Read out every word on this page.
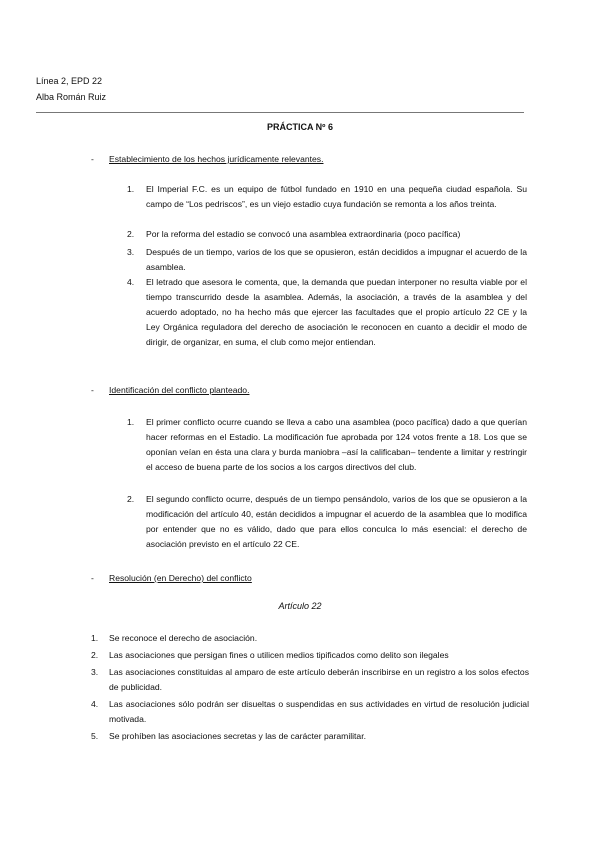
Línea 2, EPD 22
Alba Román Ruiz
PRÁCTICA Nº 6
- Establecimiento de los hechos jurídicamente relevantes.
1. El Imperial F.C. es un equipo de fútbol fundado en 1910 en una pequeña ciudad española. Su campo de “Los pedriscos”, es un viejo estadio cuya fundación se remonta a los años treinta.
2. Por la reforma del estadio se convocó una asamblea extraordinaria (poco pacífica)
3. Después de un tiempo, varios de los que se opusieron, están decididos a impugnar el acuerdo de la asamblea.
4. El letrado que asesora le comenta, que, la demanda que puedan interponer no resulta viable por el tiempo transcurrido desde la asamblea. Además, la asociación, a través de la asamblea y del acuerdo adoptado, no ha hecho más que ejercer las facultades que el propio artículo 22 CE y la Ley Orgánica reguladora del derecho de asociación le reconocen en cuanto a decidir el modo de dirigir, de organizar, en suma, el club como mejor entiendan.
- Identificación del conflicto planteado.
1. El primer conflicto ocurre cuando se lleva a cabo una asamblea (poco pacífica) dado a que querían hacer reformas en el Estadio. La modificación fue aprobada por 124 votos frente a 18. Los que se oponían veían en ésta una clara y burda maniobra –así la calificaban– tendente a limitar y restringir el acceso de buena parte de los socios a los cargos directivos del club.
2. El segundo conflicto ocurre, después de un tiempo pensándolo, varios de los que se opusieron a la modificación del artículo 40, están decididos a impugnar el acuerdo de la asamblea que lo modifica por entender que no es válido, dado que para ellos conculca lo más esencial: el derecho de asociación previsto en el artículo 22 CE.
- Resolución (en Derecho) del conflicto
Artículo 22
1. Se reconoce el derecho de asociación.
2. Las asociaciones que persigan fines o utilicen medios tipificados como delito son ilegales
3. Las asociaciones constituidas al amparo de este artículo deberán inscribirse en un registro a los solos efectos de publicidad.
4. Las asociaciones sólo podrán ser disueltas o suspendidas en sus actividades en virtud de resolución judicial motivada.
5. Se prohíben las asociaciones secretas y las de carácter paramilitar.
